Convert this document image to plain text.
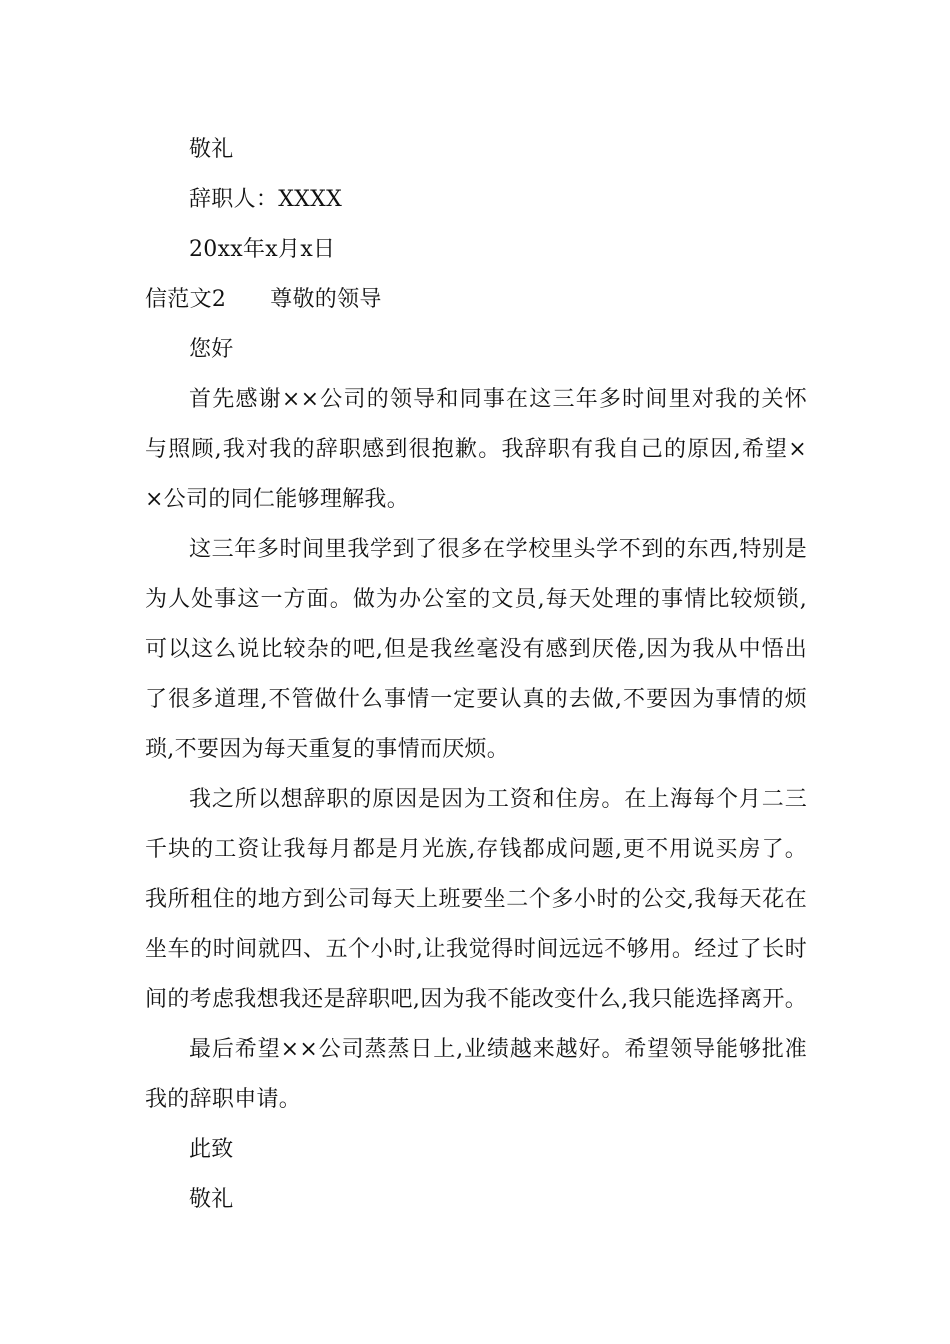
敬礼
辞职人：XXXX
20xx年x月x日
信范文2 尊敬的领导
您好
首先感谢××公司的领导和同事在这三年多时间里对我的关怀
与照顾,我对我的辞职感到很抱歉。我辞职有我自己的原因,希望×
×公司的同仁能够理解我。
这三年多时间里我学到了很多在学校里头学不到的东西,特别是
为人处事这一方面。做为办公室的文员,每天处理的事情比较烦锁,
可以这么说比较杂的吧,但是我丝毫没有感到厌倦,因为我从中悟出
了很多道理,不管做什么事情一定要认真的去做,不要因为事情的烦
琐,不要因为每天重复的事情而厌烦。
我之所以想辞职的原因是因为工资和住房。在上海每个月二三
千块的工资让我每月都是月光族,存钱都成问题,更不用说买房了。
我所租住的地方到公司每天上班要坐二个多小时的公交,我每天花在
坐车的时间就四、五个小时,让我觉得时间远远不够用。经过了长时
间的考虑我想我还是辞职吧,因为我不能改变什么,我只能选择离开。
最后希望××公司蒸蒸日上,业绩越来越好。希望领导能够批准
我的辞职申请。
此致
敬礼
